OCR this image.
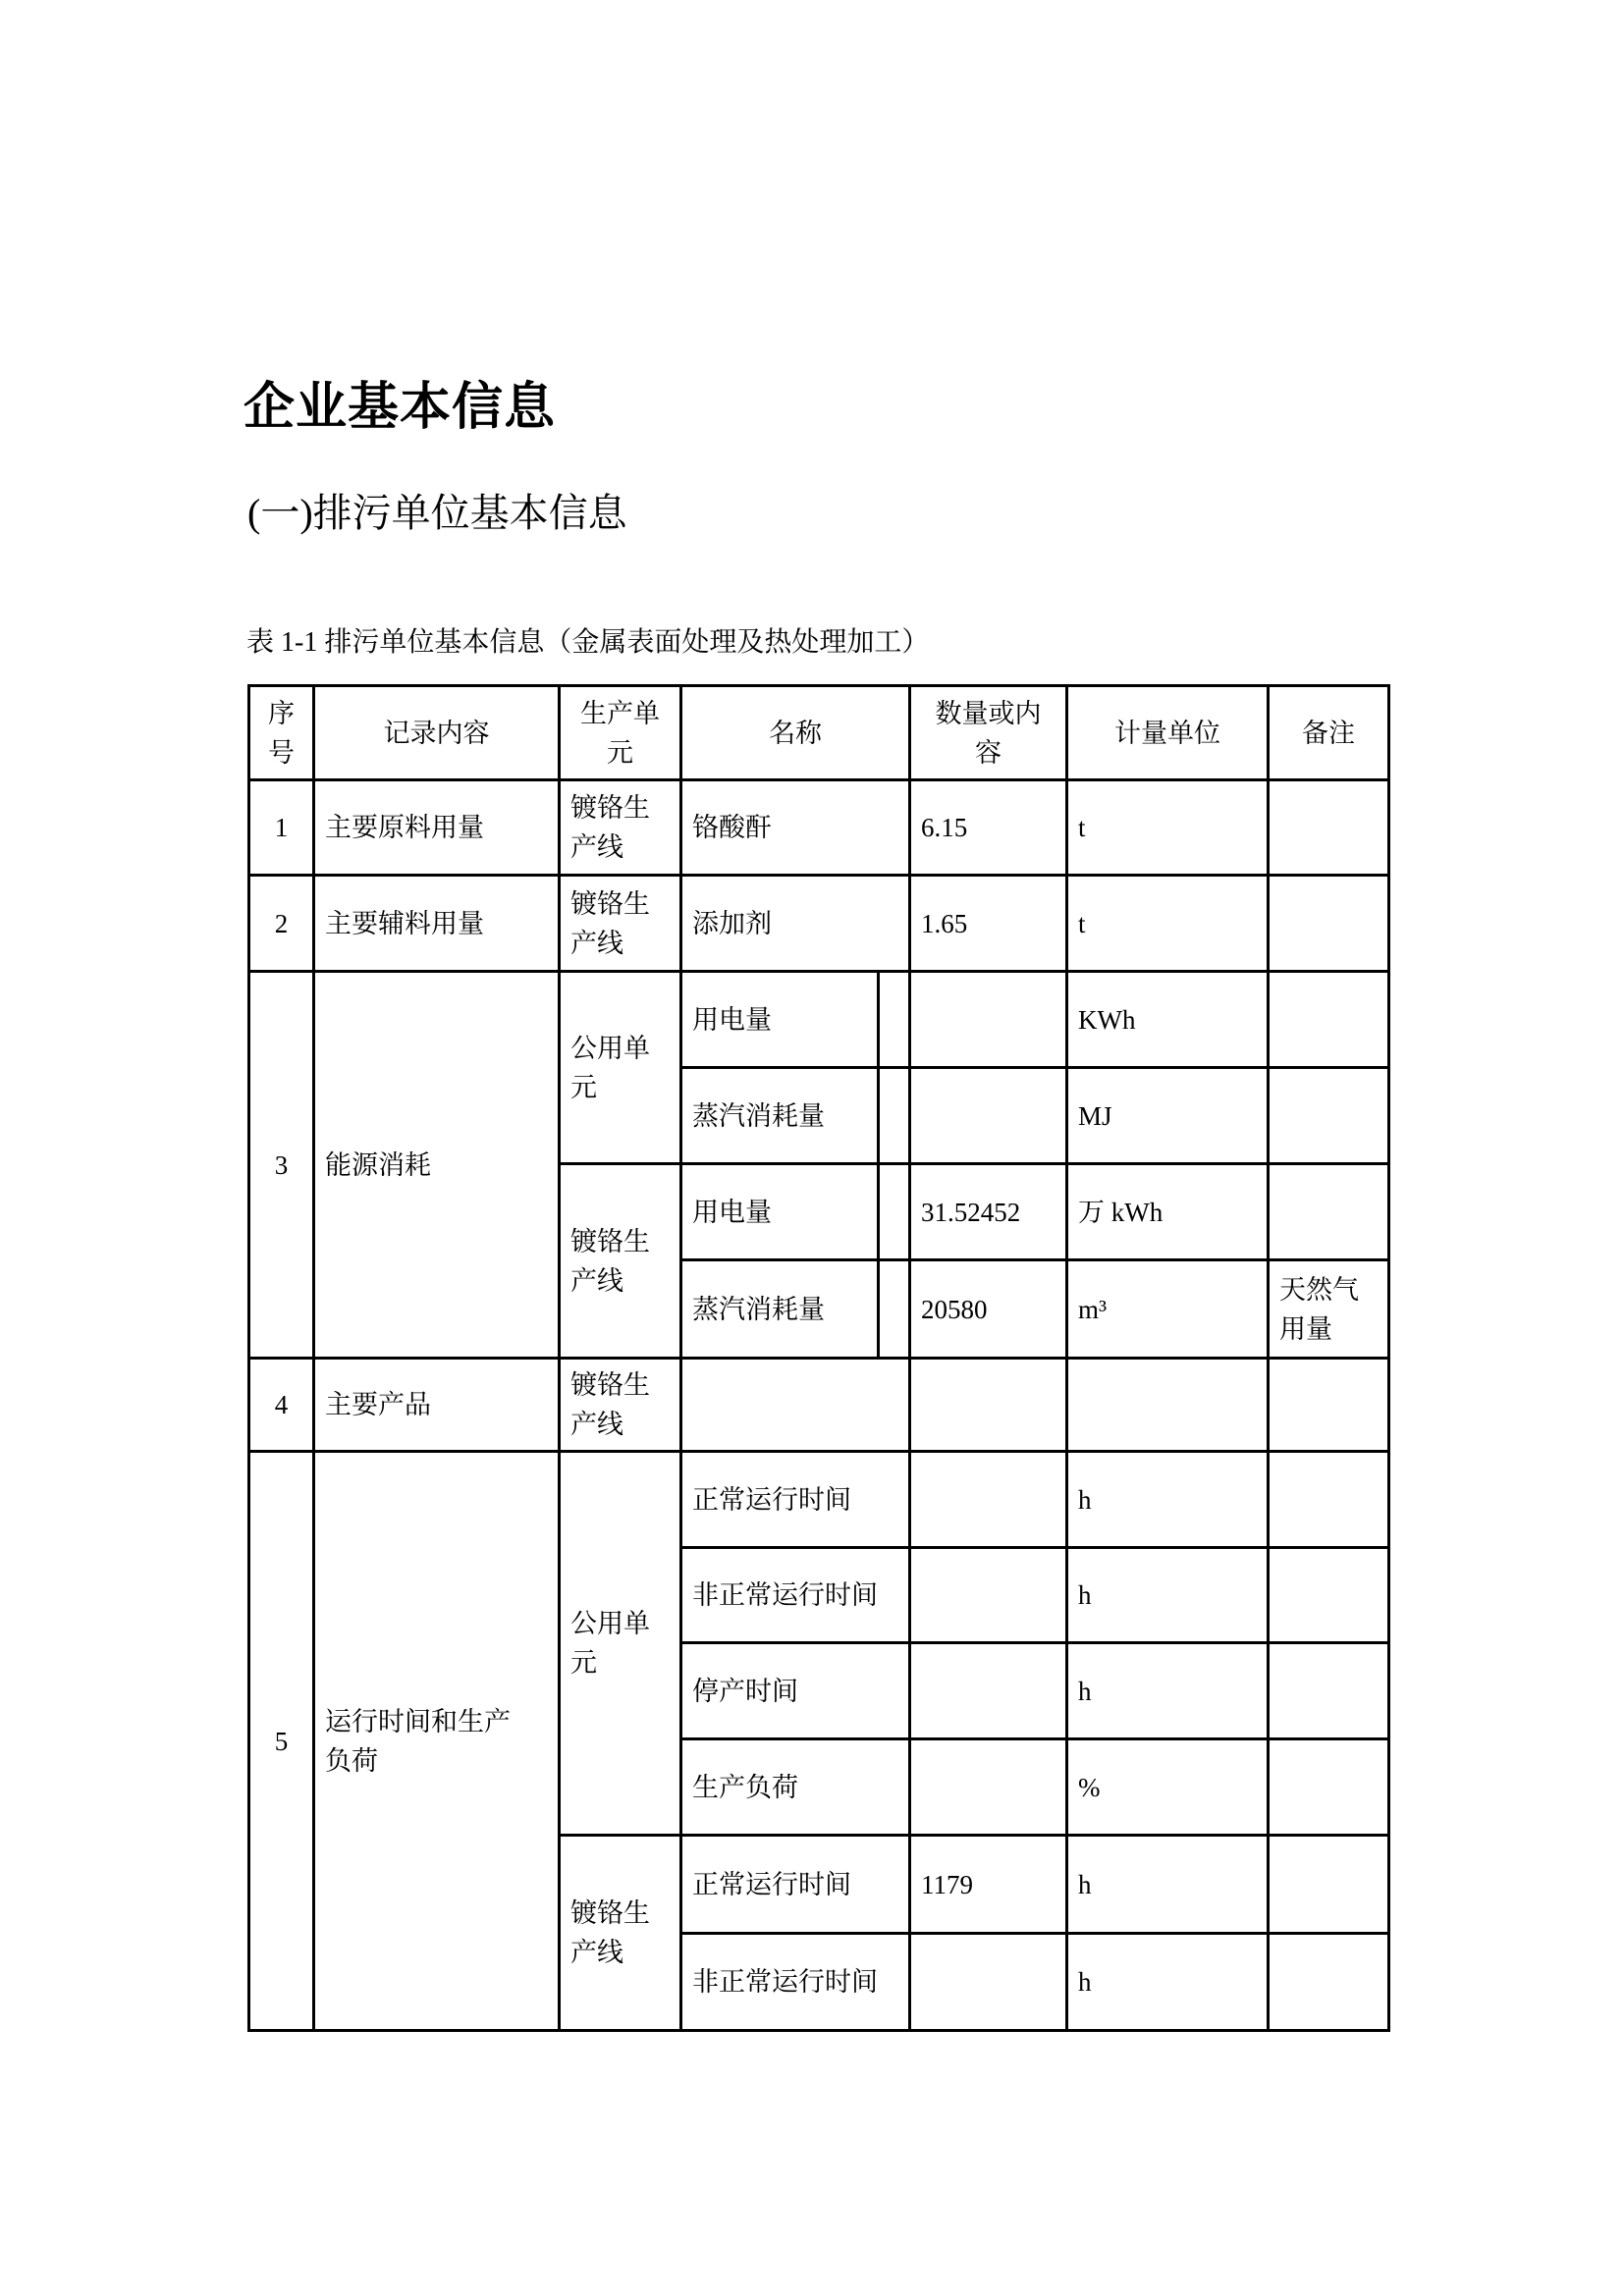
企业基本信息
(一)排污单位基本信息
表 1-1 排污单位基本信息（金属表面处理及热处理加工）
序号	记录内容	生产单元	名称		数量或内容	计量单位	备注
1	主要原料用量	镀铬生产线	铬酸酐		6.15	t	
2	主要辅料用量	镀铬生产线	添加剂		1.65	t	
3	能源消耗	公用单元	用电量			KWh	
			蒸汽消耗量			MJ	
		镀铬生产线	用电量		31.52452	万 kWh	
			蒸汽消耗量		20580	m³	天然气用量
4	主要产品	镀铬生产线					
5	运行时间和生产负荷	公用单元	正常运行时间			h	
			非正常运行时间			h	
			停产时间			h	
			生产负荷			%	
		镀铬生产线	正常运行时间		1179	h	
			非正常运行时间			h	
